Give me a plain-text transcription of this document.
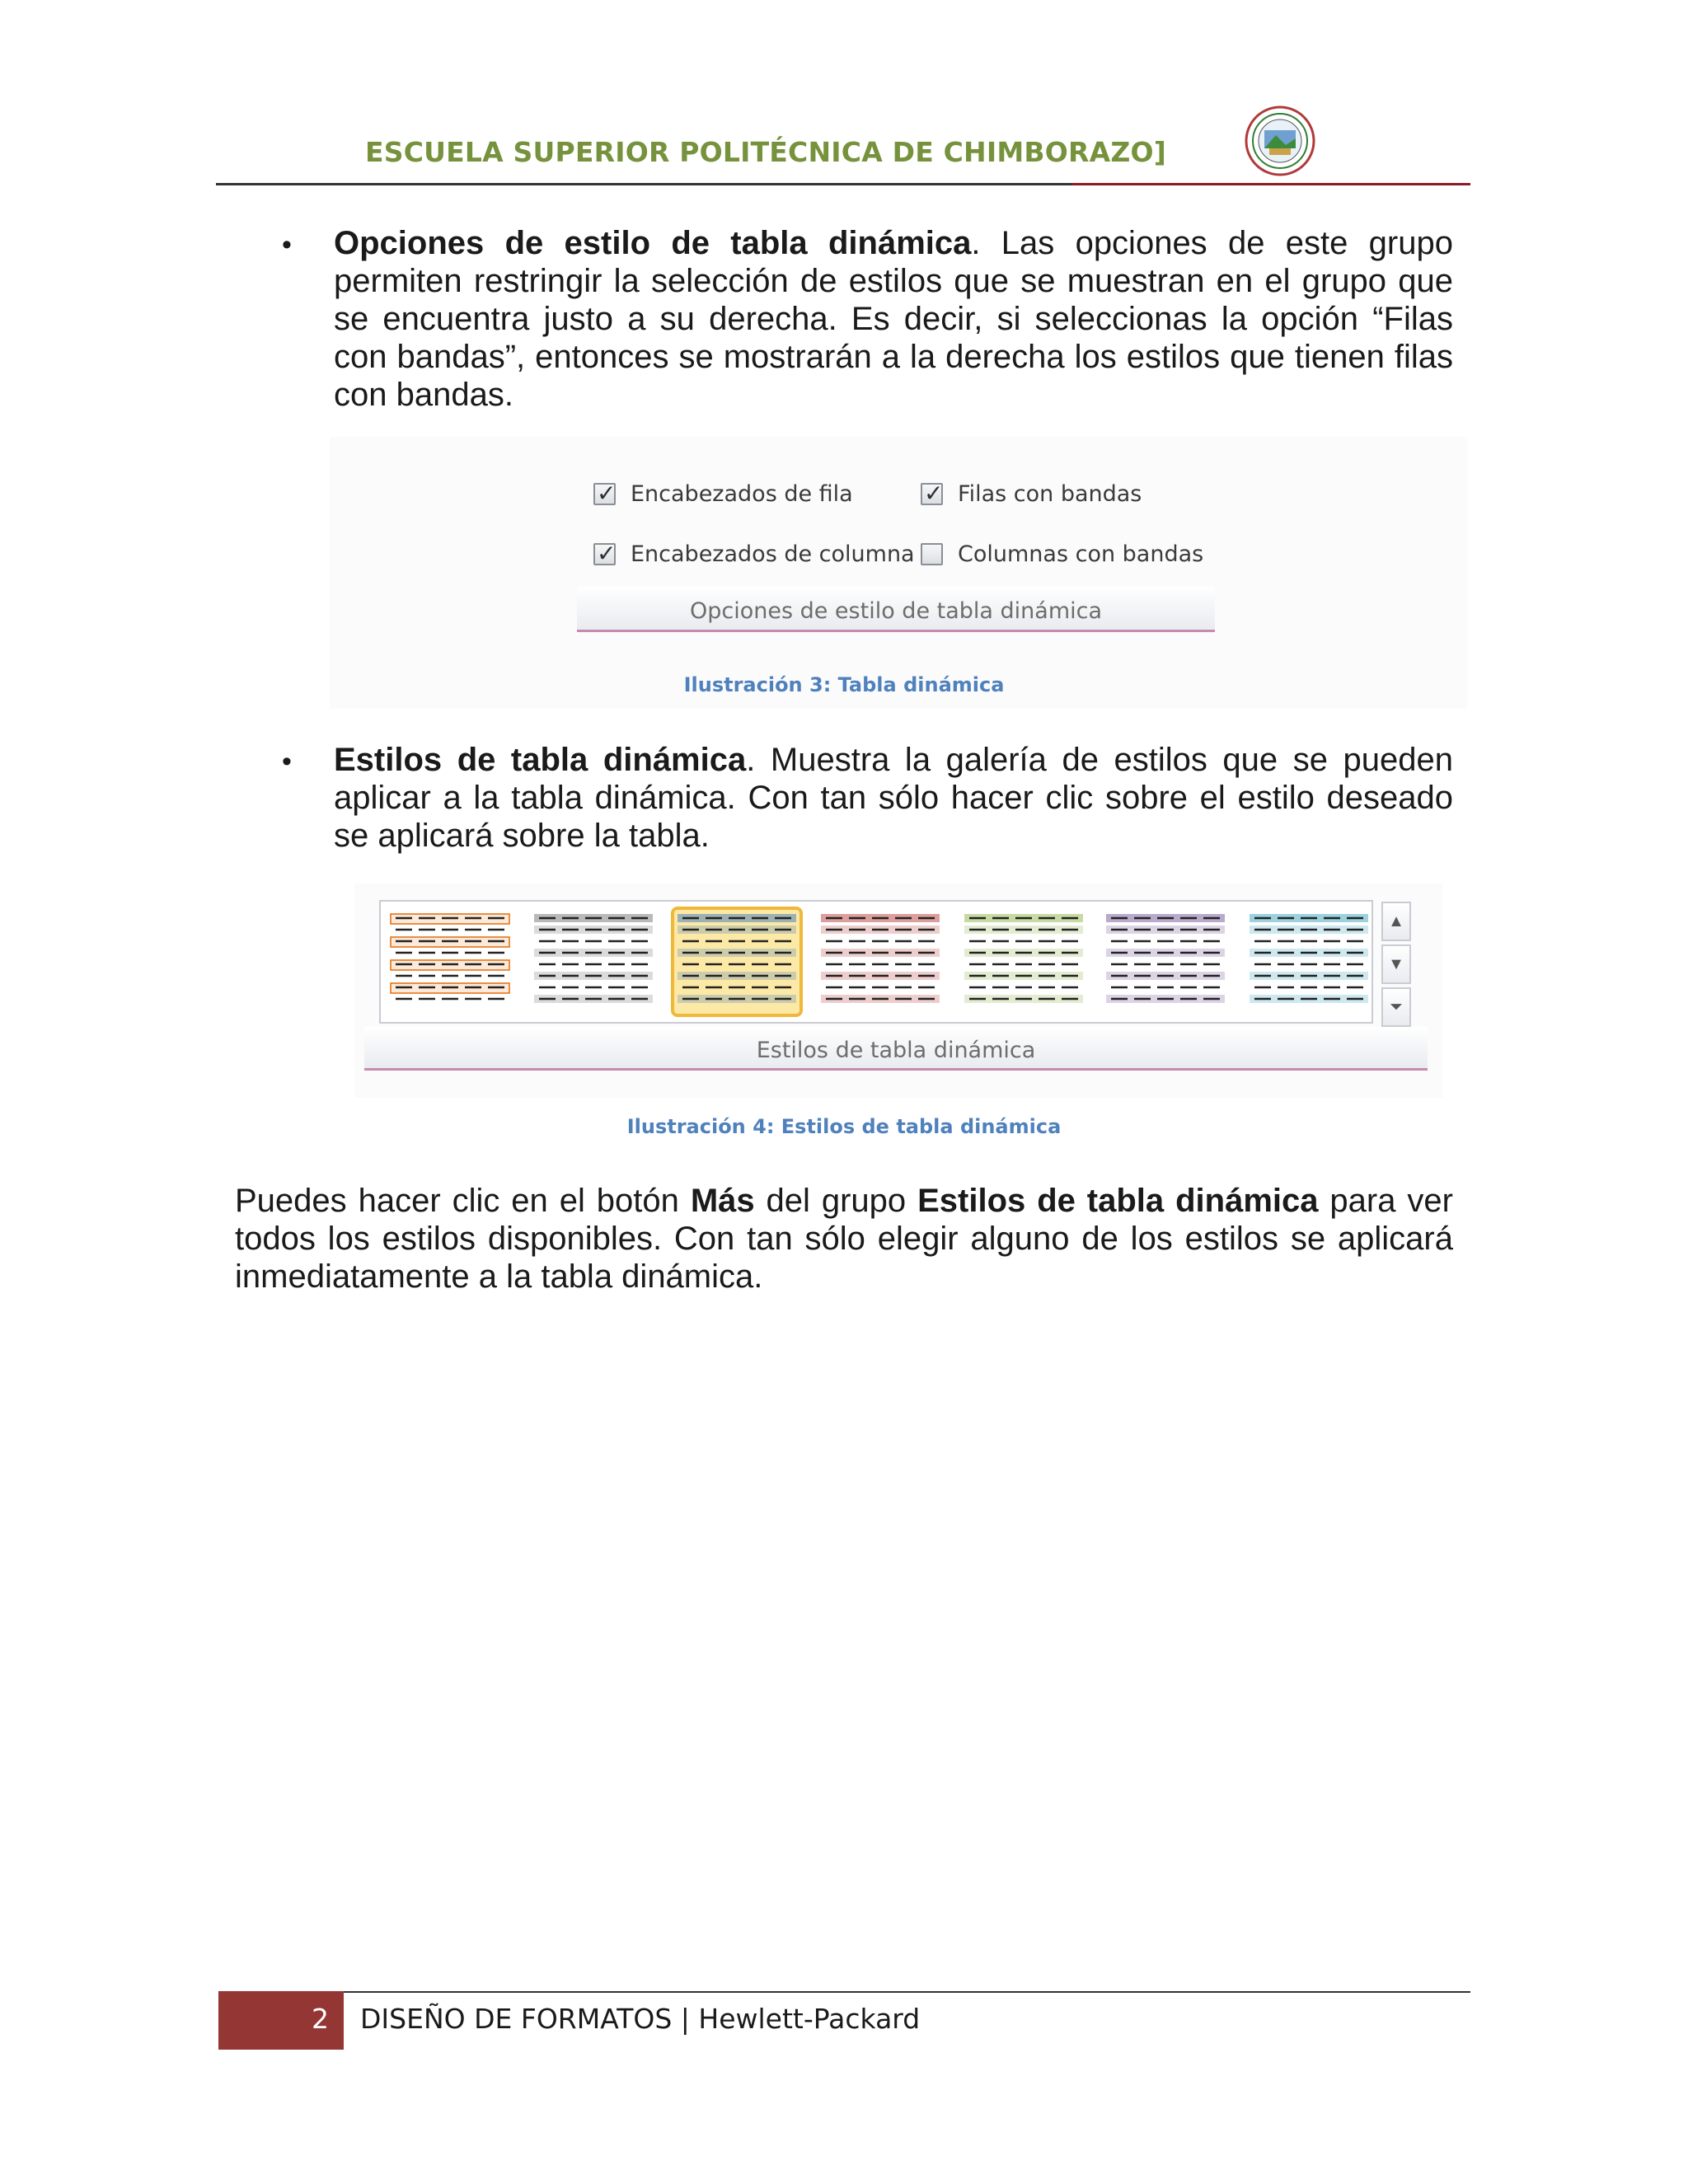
ESCUELA SUPERIOR POLITÉCNICA DE CHIMBORAZO]
• Opciones de estilo de tabla dinámica. Las opciones de este grupo permiten restringir la selección de estilos que se muestran en el grupo que se encuentra justo a su derecha. Es decir, si seleccionas la opción “Filas con bandas”, entonces se mostrarán a la derecha los estilos que tienen filas con bandas.
✓ Encabezados de fila	✓ Filas con bandas
✓ Encabezados de columna Columnas con bandas
Opciones de estilo de tabla dinámica
Ilustración 3: Tabla dinámica
• Estilos de tabla dinámica. Muestra la galería de estilos que se pueden aplicar a la tabla dinámica. Con tan sólo hacer clic sobre el estilo deseado se aplicará sobre la tabla.
▲
▼
⏷
Estilos de tabla dinámica
Ilustración 4: Estilos de tabla dinámica
Puedes hacer clic en el botón Más del grupo Estilos de tabla dinámica para ver todos los estilos disponibles. Con tan sólo elegir alguno de los estilos se aplicará inmediatamente a la tabla dinámica.
2 DISEÑO DE FORMATOS | Hewlett-Packard
